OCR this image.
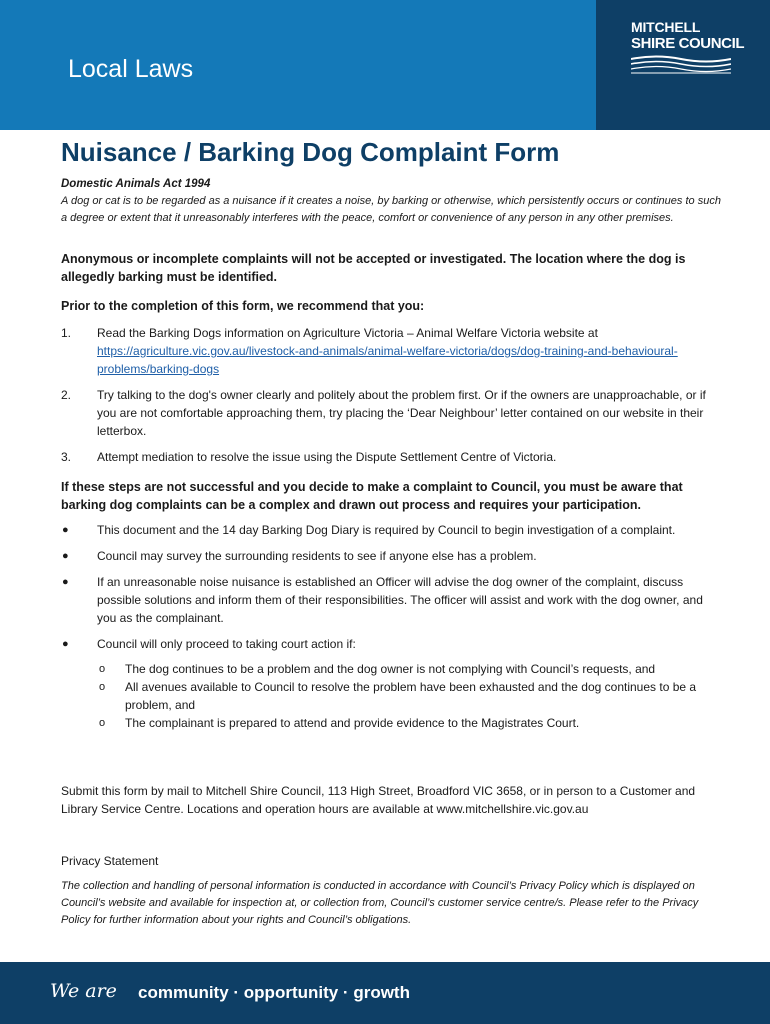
Local Laws
MITCHELL
SHIRE COUNCIL
Nuisance / Barking Dog Complaint Form
Domestic Animals Act 1994
A dog or cat is to be regarded as a nuisance if it creates a noise, by barking or otherwise, which persistently occurs or continues to such a degree or extent that it unreasonably interferes with the peace, comfort or convenience of any person in any other premises.
Anonymous or incomplete complaints will not be accepted or investigated. The location where the dog is allegedly barking must be identified.
Prior to the completion of this form, we recommend that you:
1. Read the Barking Dogs information on Agriculture Victoria – Animal Welfare Victoria website at
https://agriculture.vic.gov.au/livestock-and-animals/animal-welfare-victoria/dogs/dog-training-and-behavioural-problems/barking-dogs
2. Try talking to the dog's owner clearly and politely about the problem first. Or if the owners are unapproachable, or if you are not comfortable approaching them, try placing the ‘Dear Neighbour’ letter contained on our website in their letterbox.
3. Attempt mediation to resolve the issue using the Dispute Settlement Centre of Victoria.
If these steps are not successful and you decide to make a complaint to Council, you must be aware that barking dog complaints can be a complex and drawn out process and requires your participation.
● This document and the 14 day Barking Dog Diary is required by Council to begin investigation of a complaint.
● Council may survey the surrounding residents to see if anyone else has a problem.
● If an unreasonable noise nuisance is established an Officer will advise the dog owner of the complaint, discuss possible solutions and inform them of their responsibilities. The officer will assist and work with the dog owner, and you as the complainant.
● Council will only proceed to taking court action if:
o The dog continues to be a problem and the dog owner is not complying with Council’s requests, and
o All avenues available to Council to resolve the problem have been exhausted and the dog continues to be a problem, and
o The complainant is prepared to attend and provide evidence to the Magistrates Court.
Submit this form by mail to Mitchell Shire Council, 113 High Street, Broadford VIC 3658, or in person to a Customer and Library Service Centre. Locations and operation hours are available at www.mitchellshire.vic.gov.au
Privacy Statement
The collection and handling of personal information is conducted in accordance with Council’s Privacy Policy which is displayed on Council’s website and available for inspection at, or collection from, Council’s customer service centre/s. Please refer to the Privacy Policy for further information about your rights and Council’s obligations.
We are community · opportunity · growth
